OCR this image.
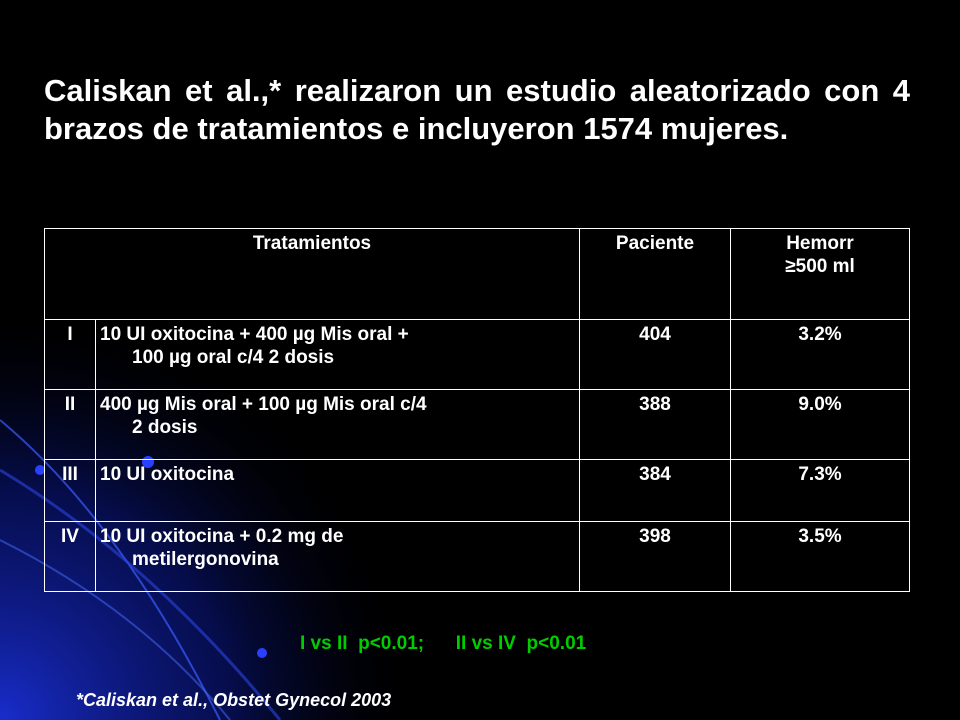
Caliskan et al.,* realizaron un estudio aleatorizado con 4 brazos de tratamientos e incluyeron 1574 mujeres.

Tratamientos		Paciente	Hemorr
≥500 ml
I	10 UI oxitocina + 400 µg Mis oral +
100 µg oral c/4 2 dosis	404	3.2%
II	400 µg Mis oral + 100 µg Mis oral c/4
2 dosis	388	9.0%
III	10 UI oxitocina	384	7.3%
IV	10 UI oxitocina + 0.2 mg de
metilergonovina	398	3.5%
I vs II  p<0.01;      II vs IV  p<0.01
*Caliskan et al., Obstet Gynecol 2003
